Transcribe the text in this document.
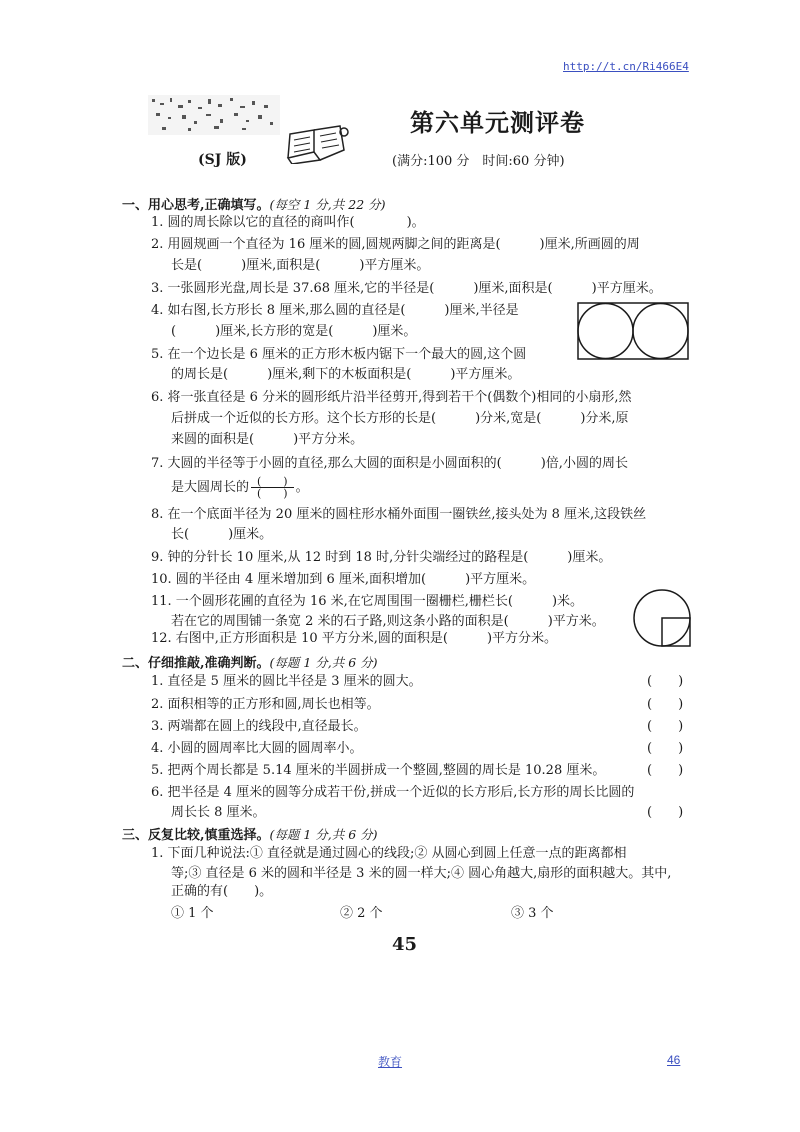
http://t.cn/Ri466E4
(SJ 版)
第六单元测评卷
(满分:100 分　时间:60 分钟)
一、用心思考,正确填写。(每空 1 分,共 22 分)
1. 圆的周长除以它的直径的商叫作(　　　　)。
2. 用圆规画一个直径为 16 厘米的圆,圆规两脚之间的距离是(　　　)厘米,所画圆的周
长是(　　　)厘米,面积是(　　　)平方厘米。
3. 一张圆形光盘,周长是 37.68 厘米,它的半径是(　　　)厘米,面积是(　　　)平方厘米。
4. 如右图,长方形长 8 厘米,那么圆的直径是(　　　)厘米,半径是
(　　　)厘米,长方形的宽是(　　　)厘米。
5. 在一个边长是 6 厘米的正方形木板内锯下一个最大的圆,这个圆
的周长是(　　　)厘米,剩下的木板面积是(　　　)平方厘米。
6. 将一张直径是 6 分米的圆形纸片沿半径剪开,得到若干个(偶数个)相同的小扇形,然
后拼成一个近似的长方形。这个长方形的长是(　　　)分米,宽是(　　　)分米,原
来圆的面积是(　　　)平方分米。
7. 大圆的半径等于小圆的直径,那么大圆的面积是小圆面积的(　　　)倍,小圆的周长
是大圆周长的 $\frac{( )}{( )}$ 。
8. 在一个底面半径为 20 厘米的圆柱形水桶外面围一圈铁丝,接头处为 8 厘米,这段铁丝
长(　　　)厘米。
9. 钟的分针长 10 厘米,从 12 时到 18 时,分针尖端经过的路程是(　　　)厘米。
10. 圆的半径由 4 厘米增加到 6 厘米,面积增加(　　　)平方厘米。
11. 一个圆形花圃的直径为 16 米,在它周围围一圈栅栏,栅栏长(　　　)米。
若在它的周围铺一条宽 2 米的石子路,则这条小路的面积是(　　　)平方米。
12. 右图中,正方形面积是 10 平方分米,圆的面积是(　　　)平方分米。
二、仔细推敲,准确判断。(每题 1 分,共 6 分)
1. 直径是 5 厘米的圆比半径是 3 厘米的圆大。	()
2. 面积相等的正方形和圆,周长也相等。	()
3. 两端都在圆上的线段中,直径最长。	()
4. 小圆的圆周率比大圆的圆周率小。	()
5. 把两个周长都是 5.14 厘米的半圆拼成一个整圆,整圆的周长是 10.28 厘米。	()
6. 把半径是 4 厘米的圆等分成若干份,拼成一个近似的长方形后,长方形的周长比圆的
周长长 8 厘米。	()
三、反复比较,慎重选择。(每题 1 分,共 6 分)
1. 下面几种说法:① 直径就是通过圆心的线段;② 从圆心到圆上任意一点的距离都相
等;③ 直径是 6 米的圆和半径是 3 米的圆一样大;④ 圆心角越大,扇形的面积越大。其中,
正确的有(　　)。
① 1 个	② 2 个	③ 3 个
45
教育	46
